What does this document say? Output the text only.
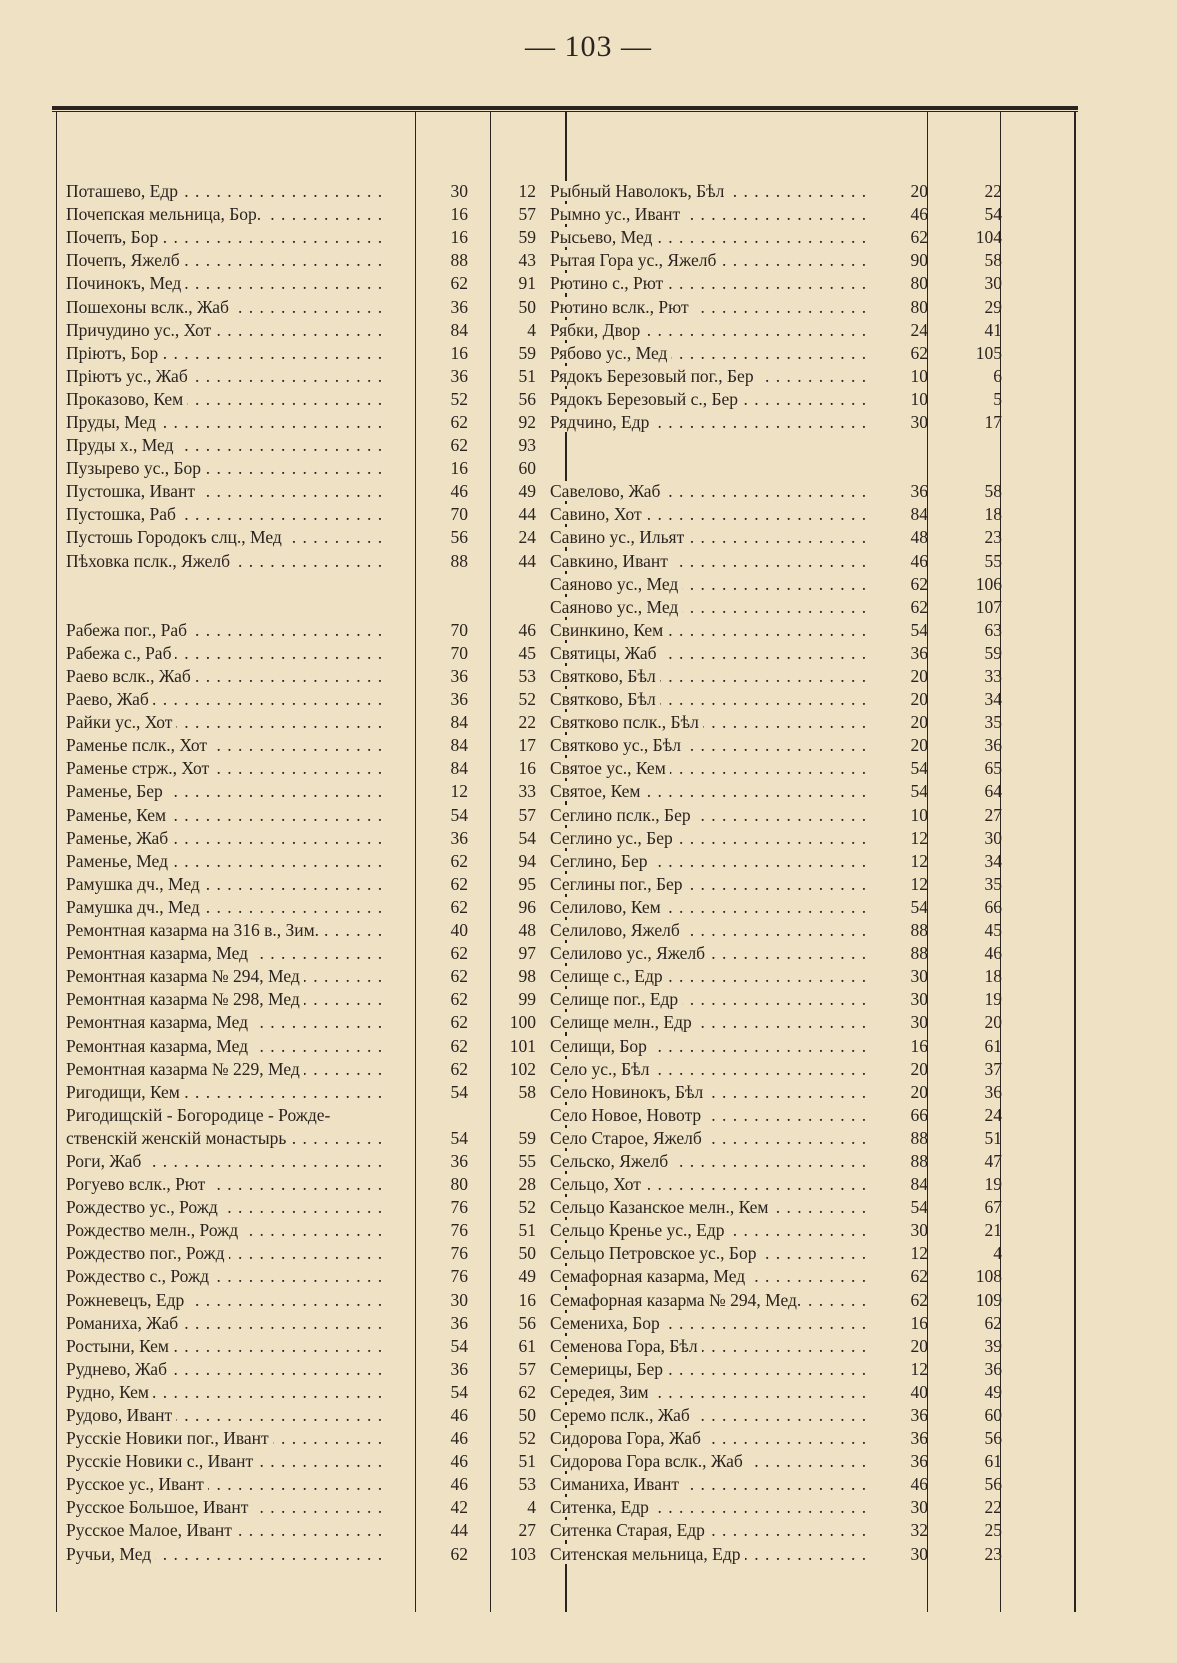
— 103 —
Поташево, Едр . . .	30	12
Почепская мельница, Бор. . . .	16	57
Почепъ, Бор . . .	16	59
Почепъ, Яжелб . . .	88	43
Починокъ, Мед . . .	62	91
Пошехоны вслк., Жаб . . .	36	50
Причудино ус., Хот . . .	84	4
Пріютъ, Бор . . .	16	59
Пріютъ ус., Жаб . . .	36	51
Проказово, Кем . . .	52	56
Пруды, Мед . . .	62	92
Пруды х., Мед . . .	62	93
Пузырево ус., Бор . . .	16	60
Пустошка, Ивант . . .	46	49
Пустошка, Раб . . .	70	44
Пустошь Городокъ слц., Мед . . .	56	24
Пѣховка пслк., Яжелб . . .	88	44
Рабежа пог., Раб . . .	70	46
Рабежа с., Раб . . .	70	45
Раево вслк., Жаб . . .	36	53
Раево, Жаб . . .	36	52
Райки ус., Хот . . .	84	22
Раменье пслк., Хот . . .	84	17
Раменье стрж., Хот . . .	84	16
Раменье, Бер . . .	12	33
Раменье, Кем . . .	54	57
Раменье, Жаб . . .	36	54
Раменье, Мед . . .	62	94
Рамушка дч., Мед . . .	62	95
Рамушка дч., Мед . . .	62	96
Ремонтная казарма на 316 в., Зим. . . .	40	48
Ремонтная казарма, Мед . . .	62	97
Ремонтная казарма № 294, Мед . . .	62	98
Ремонтная казарма № 298, Мед . . .	62	99
Ремонтная казарма, Мед . . .	62	100
Ремонтная казарма, Мед . . .	62	101
Ремонтная казарма № 229, Мед . . .	62	102
Ригодищи, Кем . . .	54	58
Ригодищскій - Богородице - Рожде-
ственскій женскій монастырь . . .	54	59
Роги, Жаб . . .	36	55
Рогуево вслк., Рют . . .	80	28
Рождество ус., Рожд . . .	76	52
Рождество мелн., Рожд . . .	76	51
Рождество пог., Рожд . . .	76	50
Рождество с., Рожд . . .	76	49
Рожневецъ, Едр . . .	30	16
Романиха, Жаб . . .	36	56
Ростыни, Кем . . .	54	61
Руднево, Жаб . . .	36	57
Рудно, Кем . . .	54	62
Рудово, Ивант . . .	46	50
Русскіе Новики пог., Ивант . . .	46	52
Русскіе Новики с., Ивант . . .	46	51
Русское ус., Ивант . . .	46	53
Русское Большое, Ивант . . .	42	4
Русское Малое, Ивант . . .	44	27
Ручьи, Мед . . .	62	103
Рыбный Наволокъ, Бѣл . . .	20	22
Рымно ус., Ивант . . .	46	54
Рысьево, Мед . . .	62	104
Рытая Гора ус., Яжелб . . .	90	58
Рютино с., Рют . . .	80	30
Рютино вслк., Рют . . .	80	29
Рябки, Двор . . .	24	41
Рябово ус., Мед . . .	62	105
Рядокъ Березовый пог., Бер . . .	10	6
Рядокъ Березовый с., Бер . . .	10	5
Рядчино, Едр . . .	30	17
Савелово, Жаб . . .	36	58
Савино, Хот . . .	84	18
Савино ус., Ильят . . .	48	23
Савкино, Ивант . . .	46	55
Саяново ус., Мед . . .	62	106
Саяново ус., Мед . . .	62	107
Свинкино, Кем . . .	54	63
Святицы, Жаб . . .	36	59
Святково, Бѣл . . .	20	33
Святково, Бѣл . . .	20	34
Святково пслк., Бѣл . . .	20	35
Святково ус., Бѣл . . .	20	36
Святое ус., Кем . . .	54	65
Святое, Кем . . .	54	64
Сеглино пслк., Бер . . .	10	27
Сеглино ус., Бер . . .	12	30
Сеглино, Бер . . .	12	34
Сеглины пог., Бер . . .	12	35
Селилово, Кем . . .	54	66
Селилово, Яжелб . . .	88	45
Селилово ус., Яжелб . . .	88	46
Селище с., Едр . . .	30	18
Селище пог., Едр . . .	30	19
Селище мелн., Едр . . .	30	20
Селищи, Бор . . .	16	61
Село ус., Бѣл . . .	20	37
Село Новинокъ, Бѣл . . .	20	36
Село Новое, Новотр . . .	66	24
Село Старое, Яжелб . . .	88	51
Сельско, Яжелб . . .	88	47
Сельцо, Хот . . .	84	19
Сельцо Казанское мелн., Кем . . .	54	67
Сельцо Кренье ус., Едр . . .	30	21
Сельцо Петровское ус., Бор . . .	12	4
Семафорная казарма, Мед . . .	62	108
Семафорная казарма № 294, Мед. . . .	62	109
Семениха, Бор . . .	16	62
Семенова Гора, Бѣл . . .	20	39
Семерицы, Бер . . .	12	36
Середея, Зим . . .	40	49
Серемо пслк., Жаб . . .	36	60
Сидорова Гора, Жаб . . .	36	56
Сидорова Гора вслк., Жаб . . .	36	61
Симаниха, Ивант . . .	46	56
Ситенка, Едр . . .	30	22
Ситенка Старая, Едр . . .	32	25
Ситенская мельница, Едр . . .	30	23
